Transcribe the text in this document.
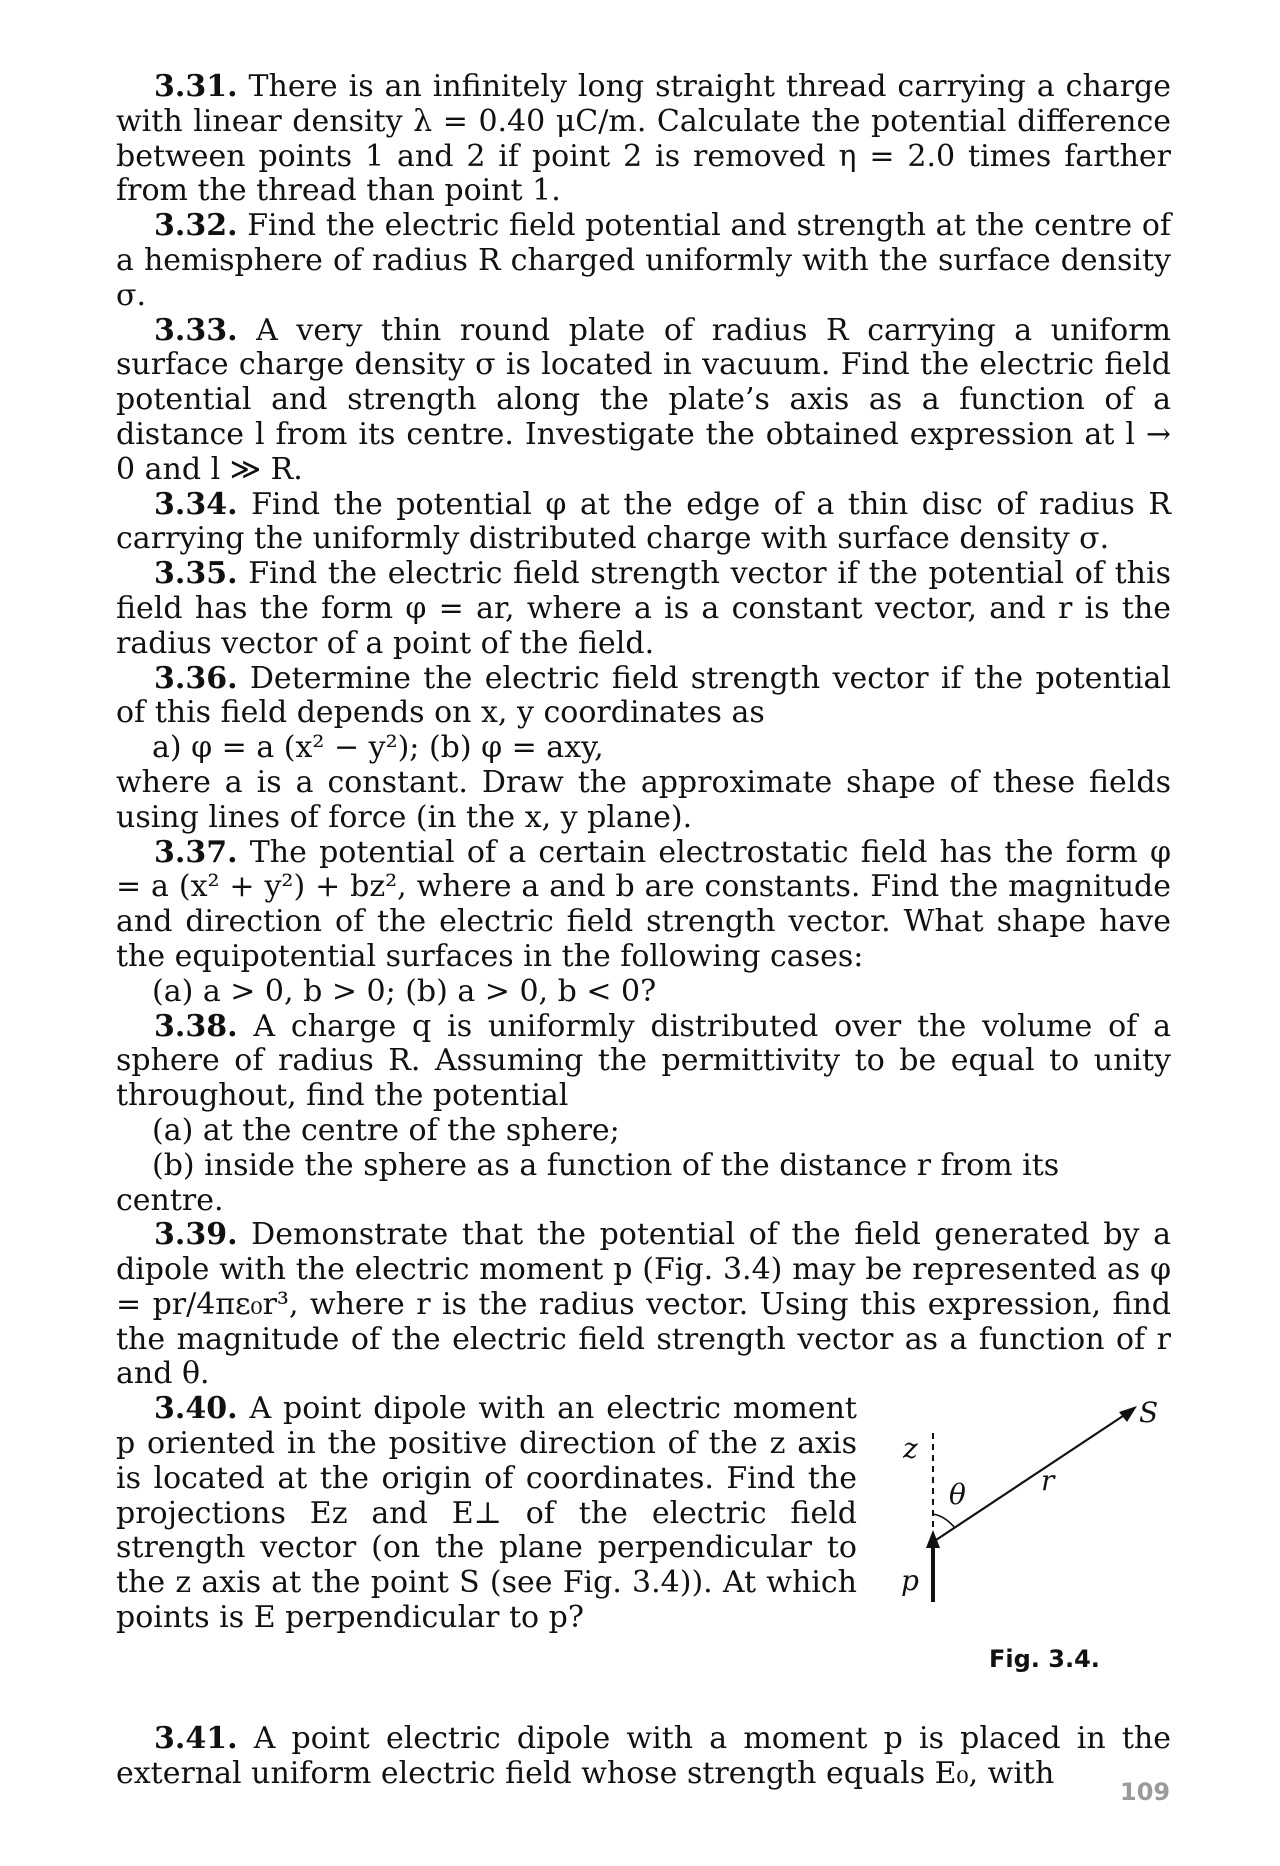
3.31. There is an infinitely long straight thread carrying a charge with linear density λ = 0.40 μC/m. Calculate the potential difference between points 1 and 2 if point 2 is removed η = 2.0 times farther from the thread than point 1.

3.32. Find the electric field potential and strength at the centre of a hemisphere of radius R charged uniformly with the surface density σ.

3.33. A very thin round plate of radius R carrying a uniform surface charge density σ is located in vacuum. Find the electric field potential and strength along the plate’s axis as a function of a distance l from its centre. Investigate the obtained expression at l → 0 and l ≫ R.

3.34. Find the potential φ at the edge of a thin disc of radius R carrying the uniformly distributed charge with surface density σ.

3.35. Find the electric field strength vector if the potential of this field has the form φ = ar, where a is a constant vector, and r is the radius vector of a point of the field.

3.36. Determine the electric field strength vector if the potential of this field depends on x, y coordinates as

a) φ = a (x² − y²); (b) φ = axy,

where a is a constant. Draw the approximate shape of these fields using lines of force (in the x, y plane).

3.37. The potential of a certain electrostatic field has the form φ = a (x² + y²) + bz², where a and b are constants. Find the magnitude and direction of the electric field strength vector. What shape have the equipotential surfaces in the following cases:

(a) a > 0, b > 0; (b) a > 0, b < 0?

3.38. A charge q is uniformly distributed over the volume of a sphere of radius R. Assuming the permittivity to be equal to unity throughout, find the potential

(a) at the centre of the sphere;

(b) inside the sphere as a function of the distance r from its centre.

3.39. Demonstrate that the potential of the field generated by a dipole with the electric moment p (Fig. 3.4) may be represented as φ = pr/4πε₀r³, where r is the radius vector. Using this expression, find the magnitude of the electric field strength vector as a function of r and θ.

S
z
θ	r
p
Fig. 3.4.

3.40. A point dipole with an electric moment p oriented in the positive direction of the z axis is located at the origin of coordinates. Find the projections Ez and E⊥ of the electric field strength vector (on the plane perpendicular to the z axis at the point S (see Fig. 3.4)). At which points is E perpendicular to p?

3.41. A point electric dipole with a moment p is placed in the external uniform electric field whose strength equals E₀, with

109
